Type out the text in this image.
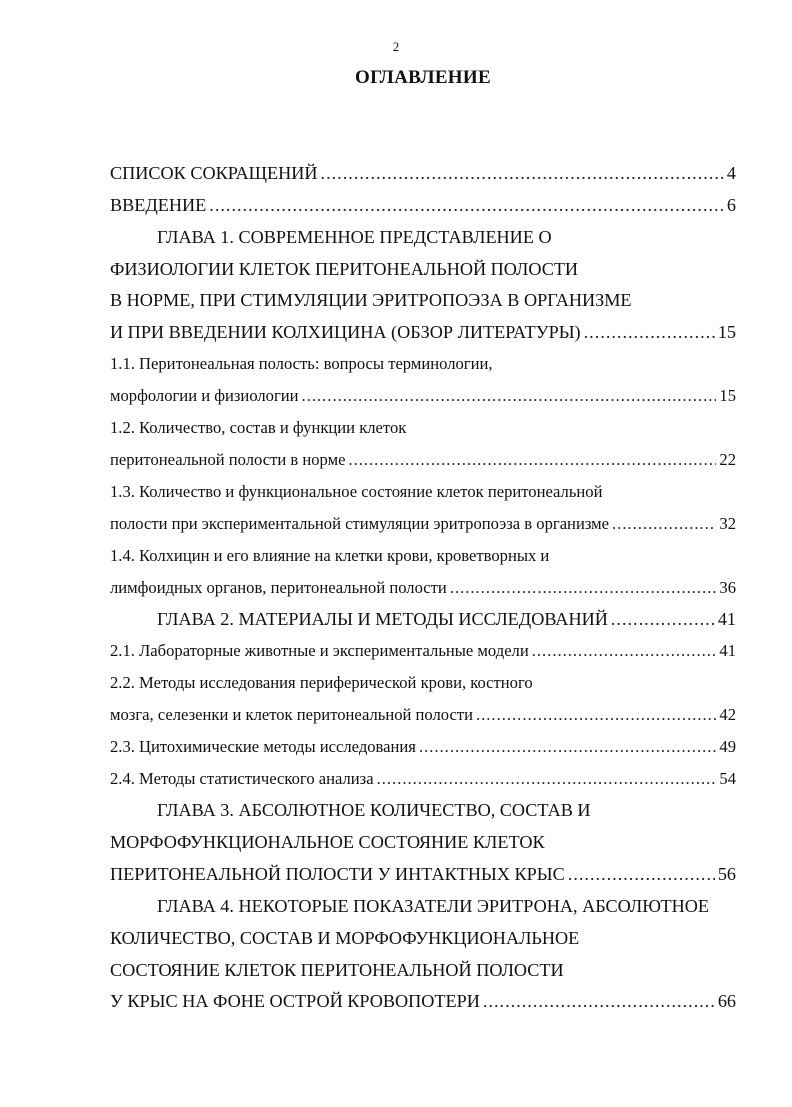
2
ОГЛАВЛЕНИЕ
СПИСОК СОКРАЩЕНИЙ .....	4
ВВЕДЕНИЕ .....	6
ГЛАВА 1. СОВРЕМЕННОЕ ПРЕДСТАВЛЕНИЕ О
ФИЗИОЛОГИИ КЛЕТОК ПЕРИТОНЕАЛЬНОЙ ПОЛОСТИ
В НОРМЕ, ПРИ СТИМУЛЯЦИИ ЭРИТРОПОЭЗА В ОРГАНИЗМЕ
И ПРИ ВВЕДЕНИИ КОЛХИЦИНА (ОБЗОР ЛИТЕРАТУРЫ) .....	15
1.1. Перитонеальная полость: вопросы терминологии,
морфологии и физиологии .....	15
1.2. Количество, состав и функции клеток
перитонеальной полости в норме .....	22
1.3. Количество и функциональное состояние клеток перитонеальной
полости при экспериментальной стимуляции эритропоэза в организме .....	32
1.4. Колхицин и его влияние на клетки крови, кроветворных и
лимфоидных органов, перитонеальной полости .....	36
ГЛАВА 2. МАТЕРИАЛЫ И МЕТОДЫ ИССЛЕДОВАНИЙ .....	41
2.1. Лабораторные животные и экспериментальные модели .....	41
2.2. Методы исследования периферической крови, костного
мозга, селезенки и клеток перитонеальной полости .....	42
2.3. Цитохимические методы исследования .....	49
2.4. Методы статистического анализа .....	54
ГЛАВА 3. АБСОЛЮТНОЕ КОЛИЧЕСТВО, СОСТАВ И
МОРФОФУНКЦИОНАЛЬНОЕ СОСТОЯНИЕ КЛЕТОК
ПЕРИТОНЕАЛЬНОЙ ПОЛОСТИ У ИНТАКТНЫХ КРЫС .....	56
ГЛАВА 4. НЕКОТОРЫЕ ПОКАЗАТЕЛИ ЭРИТРОНА, АБСОЛЮТНОЕ
КОЛИЧЕСТВО, СОСТАВ И МОРФОФУНКЦИОНАЛЬНОЕ
СОСТОЯНИЕ КЛЕТОК ПЕРИТОНЕАЛЬНОЙ ПОЛОСТИ
У КРЫС НА ФОНЕ ОСТРОЙ КРОВОПОТЕРИ .....	66
